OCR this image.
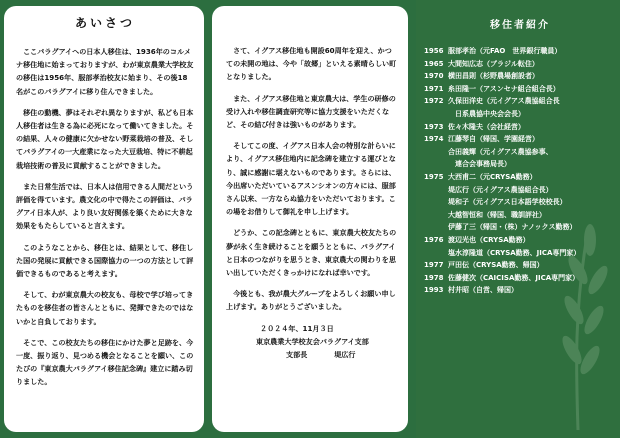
あいさつ

ここパラグアイへの日本人移住は、1936年のコルメナ移住地に始まっておりますが、わが東京農業大学校友の移住は1956年、服部孝治校友に始まり、その後18名がこのパラグアイに移り住んできました。

移住の動機、夢はそれぞれ異なりますが、私ども日本人移住者は生きる為に必死になって働いてきました。その結果、人々の健康に欠かせない野菜栽培の普及、そしてパラグアイの一大産業になった大豆栽培、特に不耕起栽培技術の普及に貢献することができました。

また日常生活では、日本人は信用できる人間だという評価を得ています。農文化の中で得たこの評価は、パラグアイ日本人が、より良い友好関係を築くために大きな効果をもたらしていると言えます。

このようなことから、移住とは、結果として、移住した国の発展に貢献できる国際協力の一つの方法として評価できるものであると考えます。

そして、わが東京農大の校友も、母校で学び培ってきたものを移住者の皆さんとともに、発揮できたのではないかと自負しております。

そこで、この校友たちの移住にかけた夢と足跡を、今一度、振り返り、見つめる機会となることを願い、このたびの『東京農大パラグアイ移住記念碑』建立に踏み切りました。

さて、イグアス移住地も開設60周年を迎え、かつての未開の地は、今や「故郷」といえる素晴らしい町となりました。

また、イグアス移住地と東京農大は、学生の研修の受け入れや移住調査研究等に協力支援をいただくなど、その結び付きは強いものがあります。

そしてこの度、イグアス日本人会の特別な計らいにより、イグアス移住地内に記念碑を建立する運びとなり、誠に感謝に堪えないものであります。さらには、今出席いただいているアスンシオンの方々には、服部さん以来、一方ならぬ協力をいただいております。この場をお借りして御礼を申し上げます。

どうか、この記念碑とともに、東京農大校友たちの夢が永く生き続けることを願うとともに、パラグアイと日本のつながりを思うとき、東京農大の関わりを思い出していただくきっかけになれば幸いです。

今後とも、我が農大グループをよろしくお願い申し上げます。ありがとうございました。

２０２４年、11月３日
東京農業大学校友会パラグアイ支部
支部長	堤広行
移住者紹介
1956 服部孝治（元FAO　世界銀行職員）
1965 大間知広志（ブラジル転住）
1970 横田昌則（杉野農場創設者）
1971 糸田隆一（アスンセナ組合組合長）
1972 久保田洋史（元イグアス農協組合長
　日系農協中央会会長）
1973 佐々木隆夫（会社経営）
1974 江藤琴自（帰国、学園経営）
合田義輝（元イグアス農協参事、
　連合会事務局長）
1975 大西甫二（元CRYSA勤務）
堤広行（元イグアス農協組合長）
堤和子（元イグアス日本語学校校長）
大越智恒和（帰国、職訓評社）
伊藤了三（帰国・（株）ナノックス勤務）
1976 渡辺光也（CRYSA勤務）
塩水淳隆道（CRYSA勤務、JICA専門家）
1977 戸田伝（CRYSA勤務、帰国）
1978 佐藤健次（CAICISA勤務、JICA専門家）
1993 村井昭（自営、帰国）
